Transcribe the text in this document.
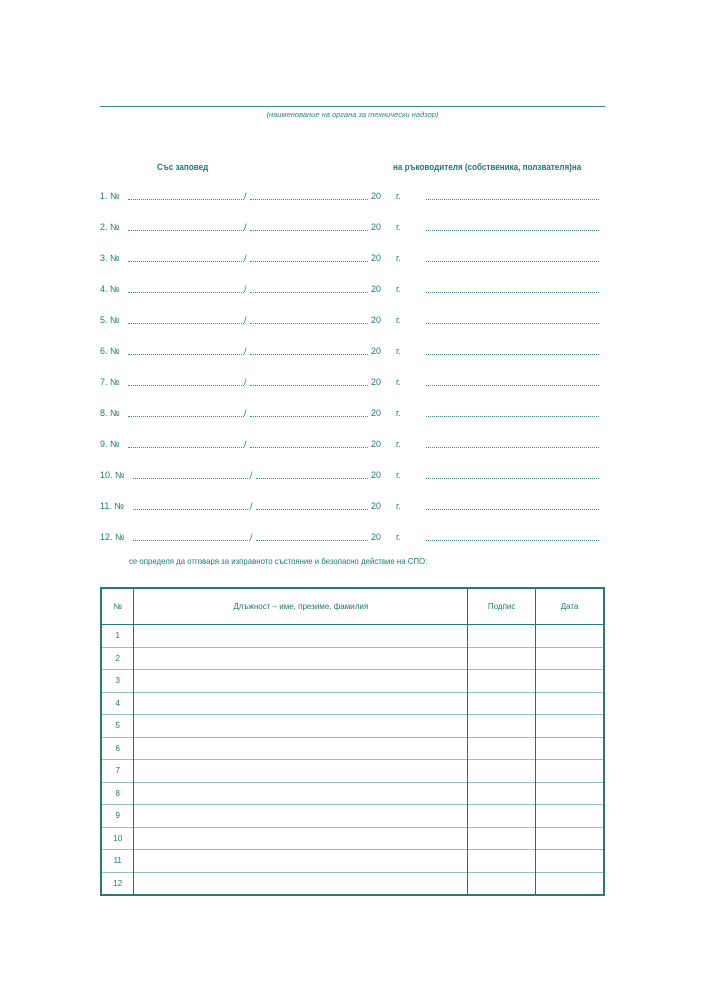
(наименование на органа за технически надзор)
Със заповед	на ръководителя (собственика, ползвателя)на
1. №	/	20 г.
2. №	/	20 г.
3. №	/	20 г.
4. №	/	20 г.
5. №	/	20 г.
6. №	/	20 г.
7. №	/	20 г.
8. №	/	20 г.
9. №	/	20 г.
10. №	/	20 г.
11. №	/	20 г.
12. №	/	20 г.
се определя да отговаря за изправното състояние и безопасно действие на СПО:
№	Длъжност – име, презиме, фамилия	Подпис	Дата
1			
2			
3			
4			
5			
6			
7			
8			
9			
10			
11			
12			
